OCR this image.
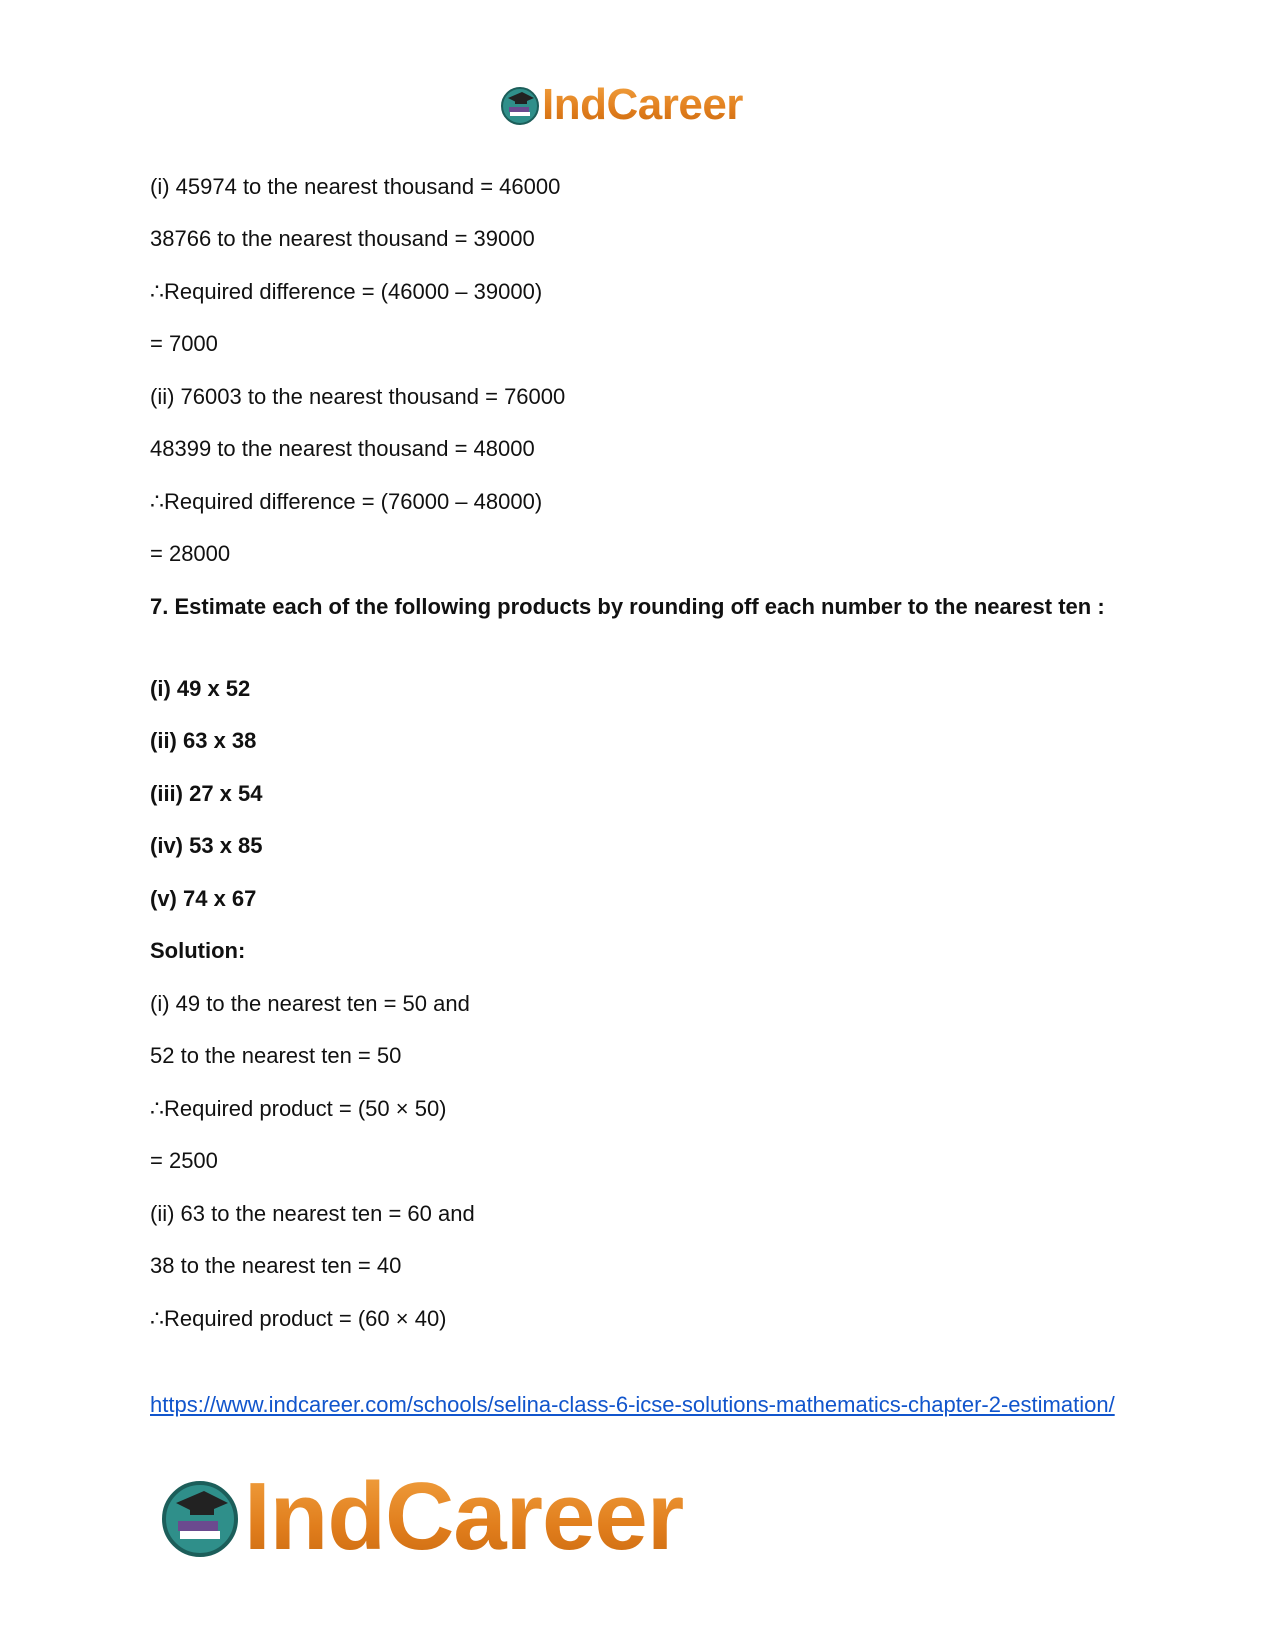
IndCareer

(i) 45974 to the nearest thousand = 46000

38766 to the nearest thousand = 39000

∴Required difference = (46000 – 39000)

= 7000

(ii) 76003 to the nearest thousand = 76000

48399 to the nearest thousand = 48000

∴Required difference = (76000 – 48000)

= 28000

7. Estimate each of the following products by rounding off each number to the nearest ten :

(i) 49 x 52

(ii) 63 x 38

(iii) 27 x 54

(iv) 53 x 85

(v) 74 x 67

Solution:

(i) 49 to the nearest ten = 50 and

52 to the nearest ten = 50

∴Required product = (50 × 50)

= 2500

(ii) 63 to the nearest ten = 60 and

38 to the nearest ten = 40

∴Required product = (60 × 40)

https://www.indcareer.com/schools/selina-class-6-icse-solutions-mathematics-chapter-2-estimation/
IndCareer
